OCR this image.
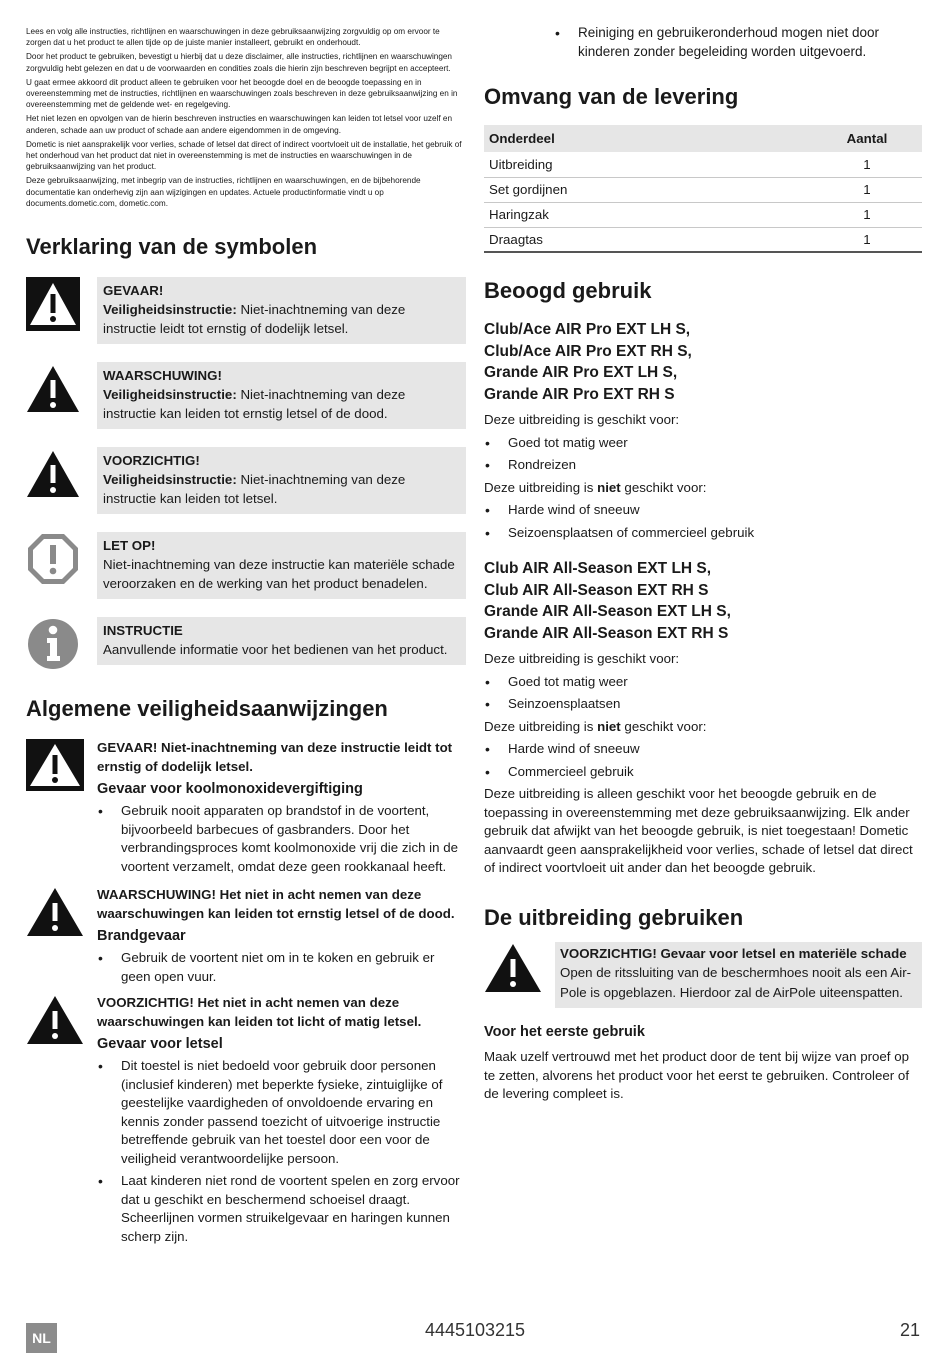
Lees en volg alle instructies, richtlijnen en waarschuwingen in deze gebruiksaanwijzing zorgvuldig op om ervoor te zorgen dat u het product te allen tijde op de juiste manier installeert, gebruikt en onderhoudt.

Door het product te gebruiken, bevestigt u hierbij dat u deze disclaimer, alle instructies, richtlijnen en waarschuwingen zorgvuldig hebt gelezen en dat u de voorwaarden en condities zoals die hierin zijn beschreven begrijpt en accepteert.

U gaat ermee akkoord dit product alleen te gebruiken voor het beoogde doel en de beoogde toepassing en in overeenstemming met de instructies, richtlijnen en waarschuwingen zoals beschreven in deze gebruiksaanwijzing en in overeenstemming met de geldende wet- en regelgeving.

Het niet lezen en opvolgen van de hierin beschreven instructies en waarschuwingen kan leiden tot letsel voor uzelf en anderen, schade aan uw product of schade aan andere eigendommen in de omgeving.

Dometic is niet aansprakelijk voor verlies, schade of letsel dat direct of indirect voortvloeit uit de installatie, het gebruik of het onderhoud van het product dat niet in overeenstemming is met de instructies en waarschuwingen in de gebruiksaanwijzing van het product.

Deze gebruiksaanwijzing, met inbegrip van de instructies, richtlijnen en waarschuwingen, en de bijbehorende documentatie kan onderhevig zijn aan wijzigingen en updates. Actuele productinformatie vindt u op documents.dometic.com, dometic.com.

Verklaring van de symbolen
GEVAAR!
Veiligheidsinstructie: Niet-inachtneming van deze instructie leidt tot ernstig of dodelijk letsel.
WAARSCHUWING!
Veiligheidsinstructie: Niet-inachtneming van deze instructie kan leiden tot ernstig letsel of de dood.
VOORZICHTIG!
Veiligheidsinstructie: Niet-inachtneming van deze instructie kan leiden tot letsel.
LET OP!
Niet-inachtneming van deze instructie kan materiële schade veroorzaken en de werking van het product benadelen.
INSTRUCTIE
Aanvullende informatie voor het bedienen van het product.
Algemene veiligheidsaanwijzingen
GEVAAR! Niet-inachtneming van deze instructie leidt tot ernstig of dodelijk letsel.
Gevaar voor koolmonoxidevergiftiging
• Gebruik nooit apparaten op brandstof in de voortent, bijvoorbeeld barbecues of gasbranders. Door het verbrandingsproces komt koolmonoxide vrij die zich in de voortent verzamelt, omdat deze geen rookkanaal heeft.
WAARSCHUWING! Het niet in acht nemen van deze waarschuwingen kan leiden tot ernstig letsel of de dood.
Brandgevaar
• Gebruik de voortent niet om in te koken en gebruik er geen open vuur.
VOORZICHTIG! Het niet in acht nemen van deze waarschuwingen kan leiden tot licht of matig letsel.
Gevaar voor letsel
• Dit toestel is niet bedoeld voor gebruik door personen (inclusief kinderen) met beperkte fysieke, zintuiglijke of geestelijke vaardigheden of onvoldoende ervaring en kennis zonder passend toezicht of uitvoerige instructie betreffende gebruik van het toestel door een voor de veiligheid verantwoordelijke persoon.
• Laat kinderen niet rond de voortent spelen en zorg ervoor dat u geschikt en beschermend schoeisel draagt. Scheerlijnen vormen struikelgevaar en haringen kunnen scherp zijn.
• Reiniging en gebruikeronderhoud mogen niet door kinderen zonder begeleiding worden uitgevoerd.
Omvang van de levering
Onderdeel	Aantal
Uitbreiding	1
Set gordijnen	1
Haringzak	1
Draagtas	1
Beoogd gebruik
Club/Ace AIR Pro EXT LH S,
Club/Ace AIR Pro EXT RH S,
Grande AIR Pro EXT LH S,
Grande AIR Pro EXT RH S

Deze uitbreiding is geschikt voor:

• Goed tot matig weer
• Rondreizen

Deze uitbreiding is niet geschikt voor:

• Harde wind of sneeuw
• Seizoensplaatsen of commercieel gebruik
Club AIR All-Season EXT LH S,
Club AIR All-Season EXT RH S
Grande AIR All-Season EXT LH S,
Grande AIR All-Season EXT RH S

Deze uitbreiding is geschikt voor:

• Goed tot matig weer
• Seinzoensplaatsen

Deze uitbreiding is niet geschikt voor:

• Harde wind of sneeuw
• Commercieel gebruik

Deze uitbreiding is alleen geschikt voor het beoogde gebruik en de toepassing in overeenstemming met deze gebruiksaanwijzing. Elk ander gebruik dat afwijkt van het beoogde gebruik, is niet toegestaan! Dometic aanvaardt geen aansprakelijkheid voor verlies, schade of letsel dat direct of indirect voortvloeit uit ander dan het beoogde gebruik.

De uitbreiding gebruiken
VOORZICHTIG! Gevaar voor letsel en materiële schade
Open de ritssluiting van de beschermhoes nooit als een Air-Pole is opgeblazen. Hierdoor zal de AirPole uiteenspatten.
Voor het eerste gebruik

Maak uzelf vertrouwd met het product door de tent bij wijze van proef op te zetten, alvorens het product voor het eerst te gebruiken. Controleer of de levering compleet is.

NL	4445103215	21
